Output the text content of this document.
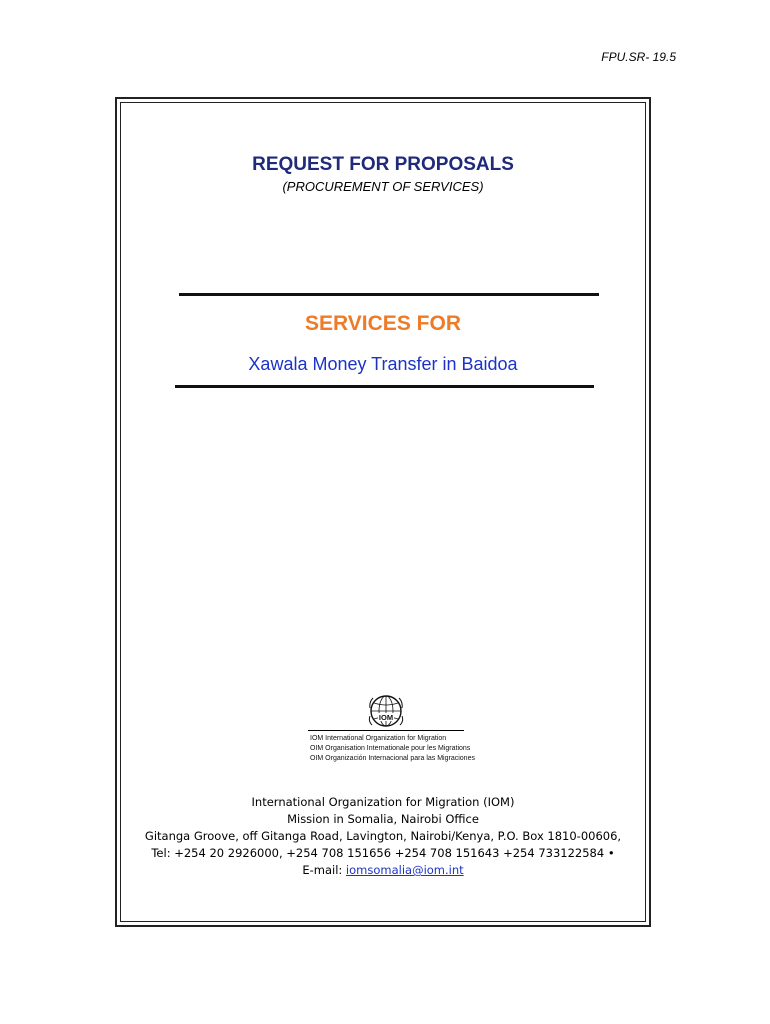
FPU.SR- 19.5
REQUEST FOR PROPOSALS

(PROCUREMENT OF SERVICES)

SERVICES FOR

Xawala Money Transfer in Baidoa

IOM
IOM International Organization for Migration
OIM Organisation Internationale pour les Migrations
OIM Organización Internacional para las Migraciones
International Organization for Migration (IOM)
Mission in Somalia, Nairobi Office
Gitanga Groove, off Gitanga Road, Lavington, Nairobi/Kenya, P.O. Box 1810-00606,
Tel: +254 20 2926000, +254 708 151656 +254 708 151643 +254 733122584 •
E-mail: iomsomalia@iom.int
